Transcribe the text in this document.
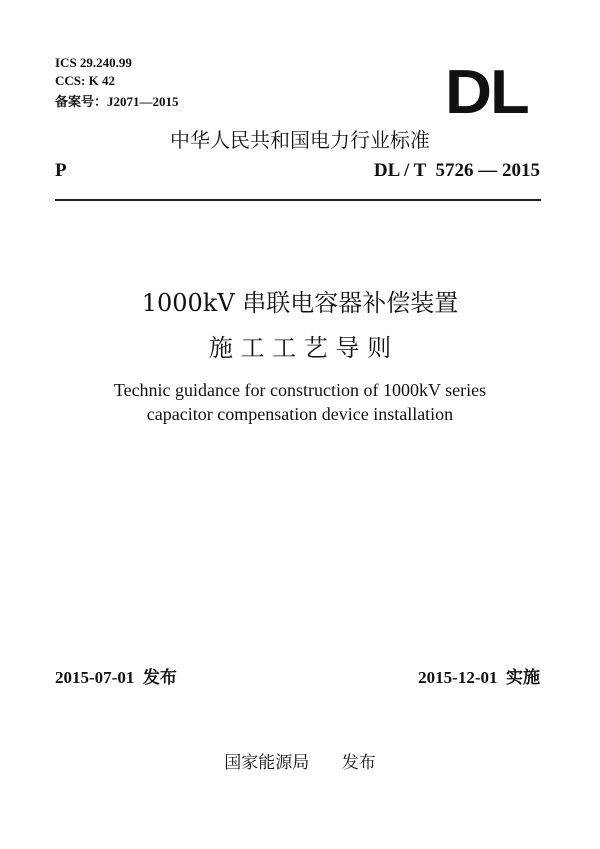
ICS 29.240.99
CCS: K 42
备案号：J2071—2015	DL
中华人民共和国电力行业标准
P	DL / T  5726 — 2015
1000kV 串联电容器补偿装置
施 工 工 艺 导 则
Technic guidance for construction of 1000kV series
capacitor compensation device installation
2015-07-01  发布	2015-12-01  实施
国家能源局      发布
